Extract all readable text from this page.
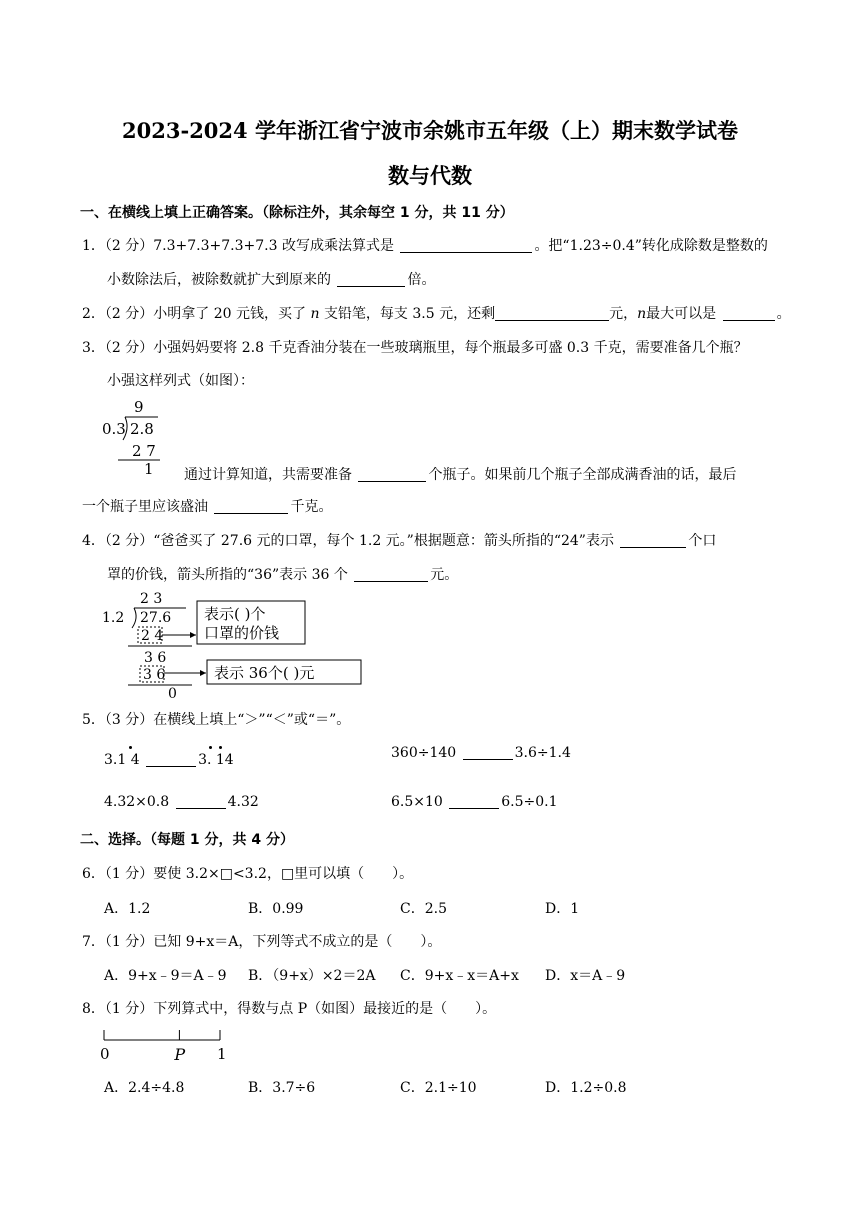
2023-2024 学年浙江省宁波市余姚市五年级（上）期末数学试卷
数与代数
一、在横线上填上正确答案。（除标注外，其余每空 1 分，共 11 分）
1．（2 分）7.3+7.3+7.3+7.3 改写成乘法算式是	。把“1.23÷0.4”转化成除数是整数的
小数除法后，被除数就扩大到原来的	倍。
2．（2 分）小明拿了 20 元钱，买了 n 支铅笔，每支 3.5 元，还剩	元，n最大可以是	。
3．（2 分）小强妈妈要将 2.8 千克香油分装在一些玻璃瓶里，每个瓶最多可盛 0.3 千克，需要准备几个瓶？
小强这样列式（如图）：
9
0.3 2.8
2 7
1 通过计算知道，共需要准备	个瓶子。如果前几个瓶子全部成满香油的话，最后
一个瓶子里应该盛油	千克。
4．（2 分）“爸爸买了 27.6 元的口罩，每个 1.2 元。”根据题意：箭头所指的“24”表示	个口
罩的价钱，箭头所指的“36”表示 36 个	元。
2 3
1.2 27.6
2 4
表示( )个
口罩的价钱
3 6
3 6	表示 36个( )元
0
5．（3 分）在横线上填上“＞”“＜”或“＝”。
3.1 4	3. 14	360÷140	3.6÷1.4
4.32×0.8	4.32	6.5×10	6.5÷0.1
二、选择。（每题 1 分，共 4 分）
6．（1 分）要使 3.2×□<3.2，□里可以填（　　）。
A．1.2	B．0.99	C．2.5	D．1
7．（1 分）已知 9+x＝A，下列等式不成立的是（　　）。
A．9+x﹣9＝A﹣9 B．（9+x）×2＝2A C．9+x﹣x＝A+x D．x＝A﹣9
8．（1 分）下列算式中，得数与点 P（如图）最接近的是（　　）。
0	P 1
A．2.4÷4.8	B．3.7÷6	C．2.1÷10	D．1.2÷0.8
